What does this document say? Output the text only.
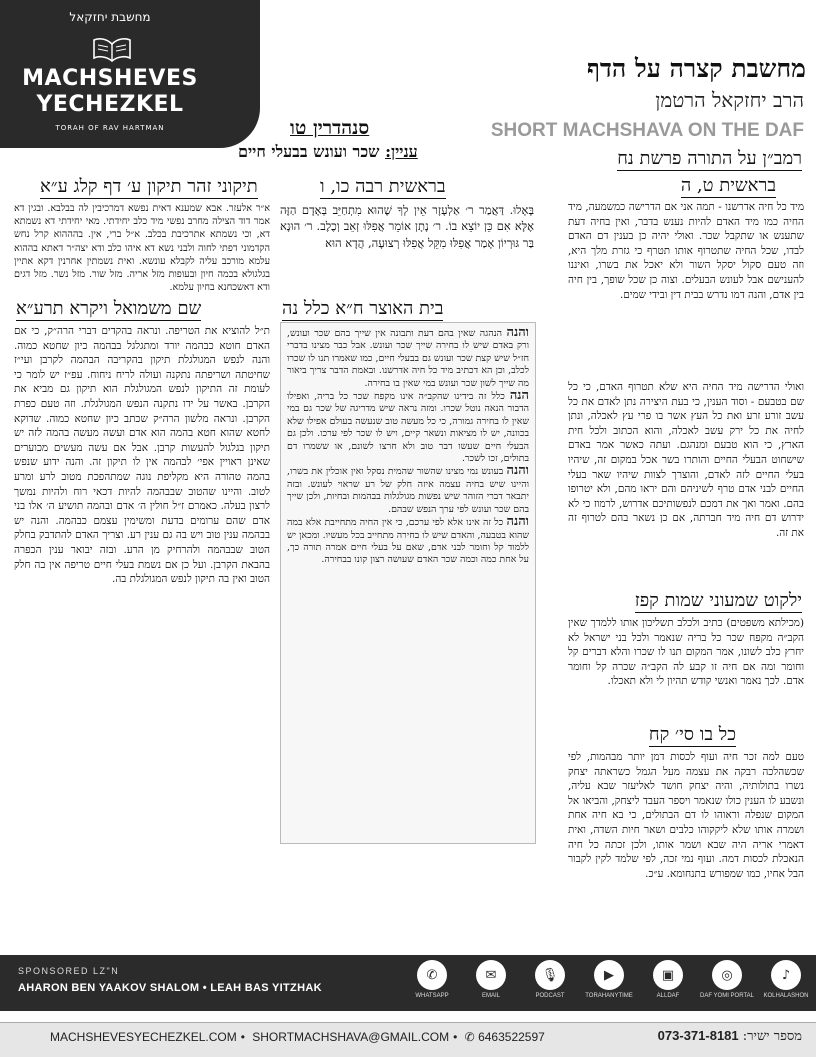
מחשבת יחזקאל
MACHSHEVES
YECHEZKEL
TORAH OF RAV HARTMAN
מחשבת קצרה על הדף
הרב יחזקאל הרטמן
SHORT MACHSHAVA ON THE DAF
סנהדרין טו
עניין: שכר ועונש בבעלי חיים	רמב״ן על התורה פרשת נח
בראשית ט, ה
מיד כל חיה אדרשנו - תמה אני אם הדרישה כמשמעה, מיד החיה כמו מיד האדם להיות נענש בדבר, ואין בחיה דעת שתענש או שתקבל שכר. ואולי יהיה כן בענין דם האדם לבדו, שכל החיה שתטרוף אותו תטרף כי גזרת מלך היא, וזה טעם סקול יסקל השור ולא יאכל את בשרו, ואיננו להענישם אבל לעונש הבעלים. וצוה כן שכל שופך, בין חיה בין אדם, והנה דמו נדרש בבית דין ובידי שמים.
ואולי הדרישה מיד החיה היא שלא תטרוף האדם, כי כל שם בטבעם - וסוד הענין, כי בעת היצירה נתן לאדם את כל עשב זורע זרע ואת כל העץ אשר בו פרי עץ לאכלה, ונתן לחיה את כל ירק עשב לאכלה, והוא הכתוב ולכל חית הארץ, כי הוא טבעם ומנהגם. ועתה כאשר אמר באדם שישחוט הבעלי החיים והותרו בשר אכל במקום זה, שיהיו בעלי החיים לזה לאדם, והוצרך לצוות שיהיו שאר בעלי החיים לבני אדם טרף לשיניהם והם יראו מהם, ולא יטרופו בהם. ואמר ואך את דמכם לנפשותיכם אדרוש, לרמוז כי לא ידרוש דם חיה מיד חברתה, אם כן נשאר בהם לטרוף זה את זה.
ילקוט שמעוני שמות קפז
(מכילתא משפטים) כתיב ולכלב תשליכון אותו ללמדך שאין הקב״ה מקפח שכר כל בריה שנאמר ולכל בני ישראל לא יחרץ כלב לשונו, אמר המקום תנו לו שכרו והלא דברים קל וחומר ומה אם חיה זו קבע לה הקב״ה שכרה קל וחומר אדם. לכך נאמר ואנשי קודש תהיון לי ולא תאכלו.
כל בו סי׳ קח
טעם למה זכר חיה ועוף לכסות דמן יותר מבהמות, לפי שכשהלכה רבקה את עצמה מעל הגמל כשראתה יצחק נשרו בתולותיה, והיה יצחק חושד לאליעזר שבא עליה, ונשבע לו הענין כולו שנאמר ויספר העבד ליצחק, והביאו אל המקום שנפלה וראוהו לו דם הבתולים, כי בא חיה אחת ושמרה אותו שלא ליקקוהו כלבים ושאר חיות השדה, ואית דאמרי אריה היה שבא ושמר אותו, ולכן זכתה כל חיה הנאכלת לכסות דמה. ועוף נמי זכה, לפי שלמד לקין לקבור הבל אחיו, כמו שמפורש בתנחומא. ע״כ.
בראשית רבה כו, ו
בָּאָלוּ. דַּאֲמַר ר׳ אַלְעָזָר אֵין לְךָ שֶׁהוּא מִתְחַיֵּב בְּאָדָם הַזֶּה אֶלָּא אִם כֵּן יוֹצֵא בוֹ. ר׳ נָתָן אוֹמֵר אֲפִלּוּ זְאֵב וְכֶלֶב. ר׳ הוּנָא בַּר גּוּרְיוֹן אָמַר אֲפִלּוּ מִקֵּל אֲפִלּוּ רְצוּעָה, הֲדָא הוּא
בית האוצר ח״א כלל נה
והנה הנהגה שאין בהם דעת ותבונה אין שייך בהם שכר ועונש, ורק באדם שיש לו בחירה שייך שכר ועונש. אבל כבר מצינו בדברי חז״ל שיש קצת שכר ועונש גם בבעלי חיים, כמו שאמרו תנו לו שכרו לכלב, וכן הא דכתיב מיד כל חיה אדרשנו. ובאמת הדבר צריך ביאור מה שייך לשון שכר ועונש במי שאין בו בחירה.
הנה כלל זה בידינו שהקב״ה אינו מקפח שכר כל בריה, ואפילו הדבור הנאה נוטל שכרו. ומזה נראה שיש מדריגה של שכר גם במי שאין לו בחירה גמורה, כי כל מעשה טוב שנעשה בעולם אפילו שלא בכוונה, יש לו מציאות ונשאר קיים, ויש לו שכר לפי ערכו. ולכן גם הבעלי חיים שעשו דבר טוב ולא חרצו לשונם, או ששמרו דם בתולים, זכו לשכר.
והנה בעונש נמי מצינו שהשור שהמית נסקל ואין אוכלין את בשרו, והיינו שיש בחיה עצמה איזה חלק של רע שראוי לעונש. ובזה יתבאר דברי הזוהר שיש נפשות מגולגלות בבהמות ובחיות, ולכן שייך בהם שכר ועונש לפי ערך הנפש שבהם.
והנה כל זה אינו אלא לפי ערכם, כי אין החיה מתחייבת אלא במה שהוא בטבעה, והאדם שיש לו בחירה מתחייב בכל מעשיו. ומכאן יש ללמוד קל וחומר לבני אדם, שאם על בעלי חיים אמרה תורה כך, על אחת כמה וכמה שכר האדם שעושה רצון קונו בבחירה.
תיקוני זהר תיקון ע׳ דף קלג ע״א
א״ר אלעזר. אבא שמענא דאית נפשא דמרכיבין לה בבלבא. ובגין דא אמר דוד הצילה מחרב נפשי מיד כלב יחידתי. מאי יחידתי דא נשמתא דא, וכי נשמתא אתרכיבת בכלב. א״ל ברי, אין. בהההוא קרל נחש הקדמוני דפתי לחוה ולבני נשא דא איהו כלב ודא יצה״ר דאתא בההוא עלמא מורכב עליה לקבלא עונשא. ואית נשמתין אחרנין דקא אתיין בגלגולא בכמה חיון ובעופות מזל אריה. מזל שור. מזל נשר. מזל דגים ודא דאשכחנא בחיון עלמא.
שם משמואל ויקרא תרע״א
ת״ל להוציא את הטריפה. ונראה בהקדים דברי הרה״ק, כי אם האדם חוטא כבהמה יורד ומתגלגל בבהמה כיון שחטא כמוה. והנה לנפש המגולגלת תיקון בהקריבה הבהמה לקרבן ועי״ז שחיטתה ושריפתה נתקנה ועולה לריח ניחוח. עפ״ז יש לומר כי לעומת זה התיקון לנפש המגולגלת הוא תיקון גם מביא את הקרבן. באשר על ידו נתקנה הנפש המגולגלת. וזה טעם כפרת הקרבן. ונראה מלשון הרה״ק שכתב כיון שחטא כמוה. שדוקא לחטא שהוא חטא בהמה הוא אדם ועשה מעשה בהמה לזה יש תיקון בגלגול להעשות קרבן. אבל אם עשה מעשים מכוערים שאינן ראויין אפי׳ לבהמה אין לו תיקון זה. והנה ידוע שנפש בהמה טהורה היא מקליפת נוגה שמתהפכת מטוב לרע ומרע לטוב. והיינו שהטוב שבבהמה להיות דכאי רוח ולהיות נמשך לרצון בעלה. כאמרם ז״ל חולין ה׳ אדם ובהמה תושיע ה׳ אלו בני אדם שהם ערומים בדעת ומשימין עצמם כבהמה. והנה יש בבהמה ענין טוב ויש בה גם ענין רע. וצריך האדם להתדבק בחלק הטוב שבבהמה ולהרחיק מן הרע. ובזה יבואר ענין הכפרה בהבאת הקרבן. ועל כן אם נשמת בעלי חיים טריפה אין בה חלק הטוב ואין בה תיקון לנפש המגולגלת בה.
SPONSORED LZ"N
AHARON BEN YAAKOV SHALOM • LEAH BAS YITZHAK
✆
WHATSAPP
✉
EMAIL
🎙
PODCAST
▶
TORAHANYTIME
▣
ALLDAF
◎
DAF YOMI PORTAL
♪
KOLHALASHON
MACHSHEVESYECHEZKEL.COM • SHORTMACHSHAVA@GMAIL.COM • ✆ 6463522597	מספר ישיר: 073-371-8181
